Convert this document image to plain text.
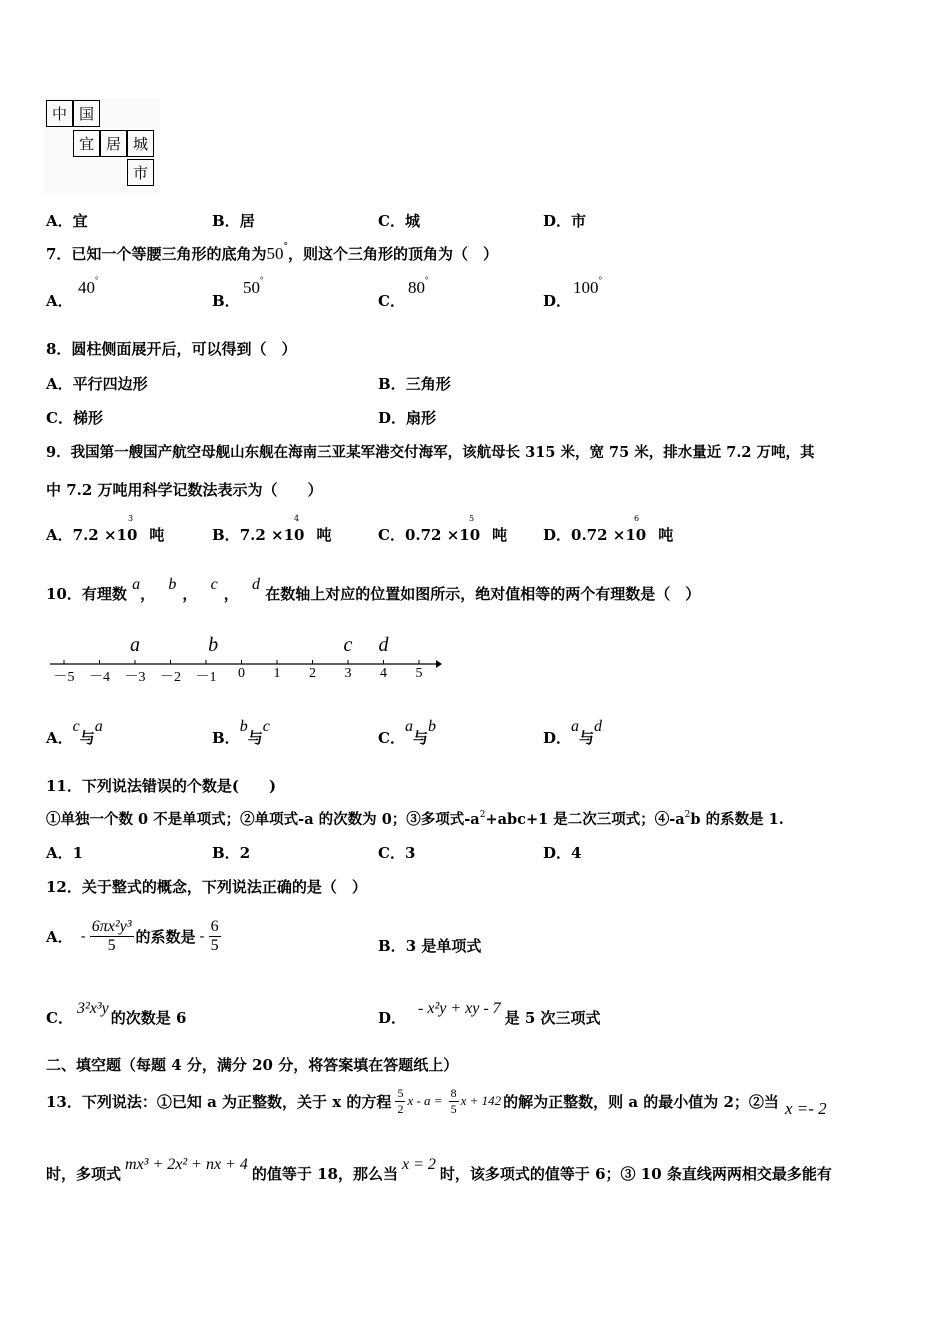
中 国
宜 居 城
市
A．宜	B．居	C．城	D．市
7．已知一个等腰三角形的底角为50°，则这个三角形的顶角为（　）
A．
40°
B．
50°
C．
80°
D．
100°
8．圆柱侧面展开后，可以得到（　）
A．平行四边形	B．三角形
C．梯形	D．扇形
9．我国第一艘国产航空母舰山东舰在海南三亚某军港交付海军，该航母长 315 米，宽 75 米，排水量近 7.2 万吨，其
中 7.2 万吨用科学记数法表示为（　　）
A．7.2 ×10
3
吨	B．7.2 ×10
4
吨	C．0.72 ×10
5
吨 D．0.72 ×10
6
吨
10．有理数 a， b， c， d 在数轴上对应的位置如图所示，绝对值相等的两个有理数是（　）
－5 －4 －3 －2 －1	0	1	2	3	4	5
a	b	c d
A．c与a
B．b与c
C．a与b
D．a与d
11．下列说法错误的个数是(　　)
①单独一个数 0 不是单项式；②单项式-a 的次数为 0；③多项式$-a^2+abc+1$ 是二次三项式；$④-a^2b$ 的系数是 1.
A．1	B．2	C．3	D．4
12．关于整式的概念，下列说法正确的是（　）
A． - $\frac{\text{6πx²y³}}{5}$ 的系数是 - $\frac{6}{5}$	B．3 是单项式
C．3²x³y的次数是 6	D．- x²y + xy - 7是 5 次三项式
二、填空题（每题 4 分，满分 20 分，将答案填在答题纸上）
13．下列说法：①已知 a 为正整数，关于 x 的方程 $\frac{5}{2}$ $x - a = \frac{8}{5}$ x + 142 的解为正整数，则 a 的最小值为 2；②当 x =- 2
时，多项式 mx³ + 2x² + nx + 4 的值等于 18，那么当 x = 2 时，该多项式的值等于 6；③ 10 条直线两两相交最多能有
